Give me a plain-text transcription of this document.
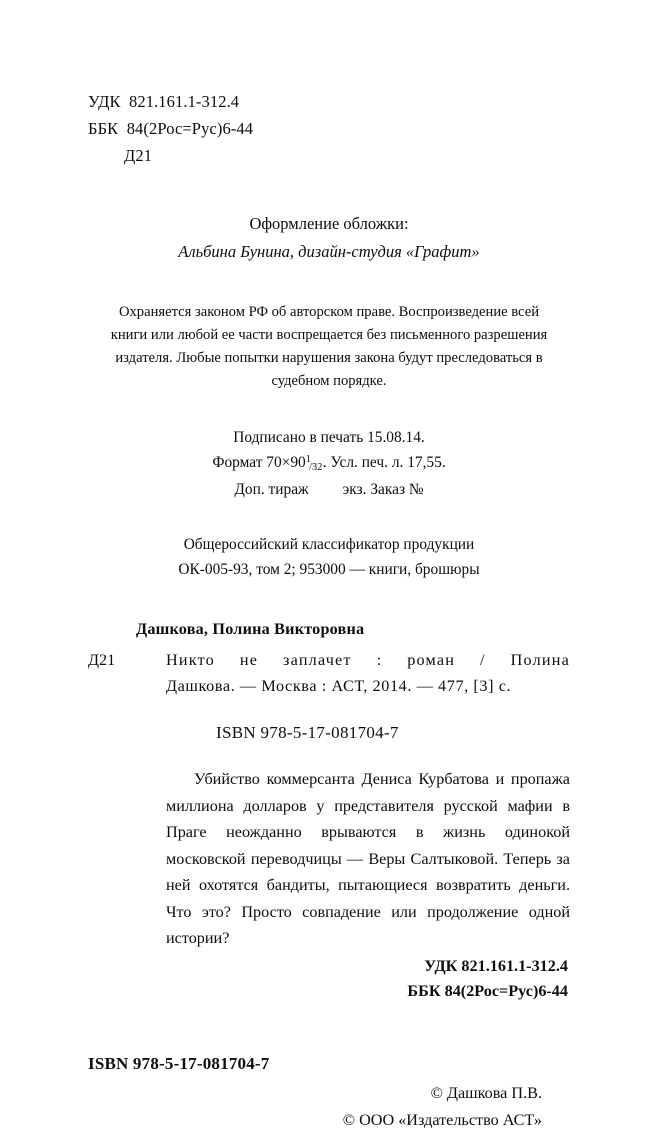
УДК  821.161.1-312.4
ББК  84(2Рос=Рус)6-44
Д21
Оформление обложки:
Альбина Бунина, дизайн-студия «Графит»
Охраняется законом РФ об авторском праве. Воспроизведение всей книги или любой ее части воспрещается без письменного разрешения издателя. Любые попытки нарушения закона будут преследоваться в судебном порядке.
Подписано в печать 15.08.14.
Формат $70\times 90^1/32$. Усл. печ. л. 17,55.
Доп. тираж экз. Заказ №
Общероссийский классификатор продукции
ОК-005-93, том 2; 953000 — книги, брошюры
Дашкова, Полина Викторовна
Д21	Никто не заплачет : роман / Полина
Дашкова. — Москва : АСТ, 2014. — 477, [3] с.
ISBN 978-5-17-081704-7

Убийство коммерсанта Дениса Курбатова и пропажа миллиона долларов у представителя русской мафии в Праге неожданно врываются в жизнь одинокой московской переводчицы — Веры Салтыковой. Теперь за ней охотятся бандиты, пытающиеся возвратить деньги. Что это? Просто совпадение или продолжение одной истории?

УДК 821.161.1-312.4
ББК 84(2Рос=Рус)6-44
ISBN 978-5-17-081704-7
© Дашкова П.В.
© ООО «Издательство АСТ»
